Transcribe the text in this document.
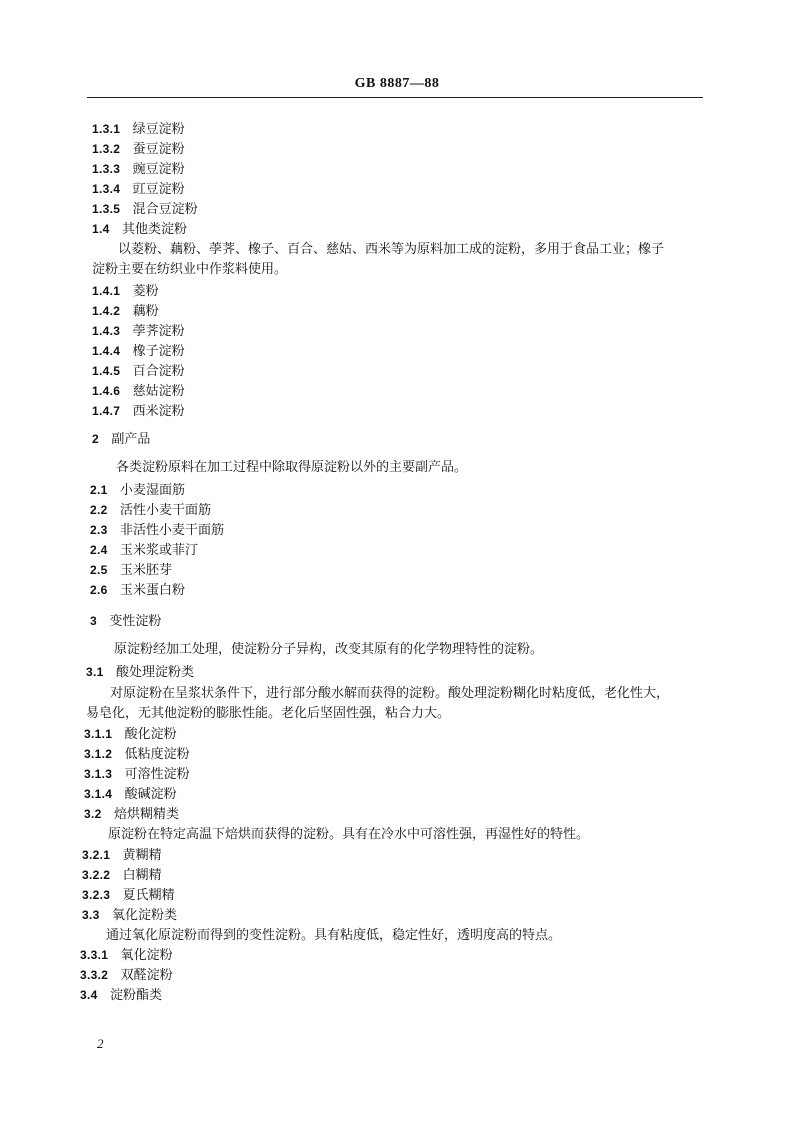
GB 8887—88
1.3.1 绿豆淀粉
1.3.2 蚕豆淀粉
1.3.3 豌豆淀粉
1.3.4 豇豆淀粉
1.3.5 混合豆淀粉
1.4 其他类淀粉
以菱粉、藕粉、荸荠、橡子、百合、慈姑、西米等为原料加工成的淀粉，多用于食品工业；橡子
淀粉主要在纺织业中作浆料使用。
1.4.1 菱粉
1.4.2 藕粉
1.4.3 荸荠淀粉
1.4.4 橡子淀粉
1.4.5 百合淀粉
1.4.6 慈姑淀粉
1.4.7 西米淀粉
2 副产品
各类淀粉原料在加工过程中除取得原淀粉以外的主要副产品。
2.1 小麦湿面筋
2.2 活性小麦干面筋
2.3 非活性小麦干面筋
2.4 玉米浆或菲汀
2.5 玉米胚芽
2.6 玉米蛋白粉
3 变性淀粉
原淀粉经加工处理，使淀粉分子异构，改变其原有的化学物理特性的淀粉。
3.1 酸处理淀粉类
对原淀粉在呈浆状条件下，进行部分酸水解而获得的淀粉。酸处理淀粉糊化时粘度低，老化性大，
易皂化，无其他淀粉的膨胀性能。老化后坚固性强，粘合力大。
3.1.1 酸化淀粉
3.1.2 低粘度淀粉
3.1.3 可溶性淀粉
3.1.4 酸碱淀粉
3.2 焙烘糊精类
原淀粉在特定高温下焙烘而获得的淀粉。具有在冷水中可溶性强，再湿性好的特性。
3.2.1 黄糊精
3.2.2 白糊精
3.2.3 夏氏糊精
3.3 氧化淀粉类
通过氧化原淀粉而得到的变性淀粉。具有粘度低，稳定性好，透明度高的特点。
3.3.1 氧化淀粉
3.3.2 双醛淀粉
3.4 淀粉酯类
2
